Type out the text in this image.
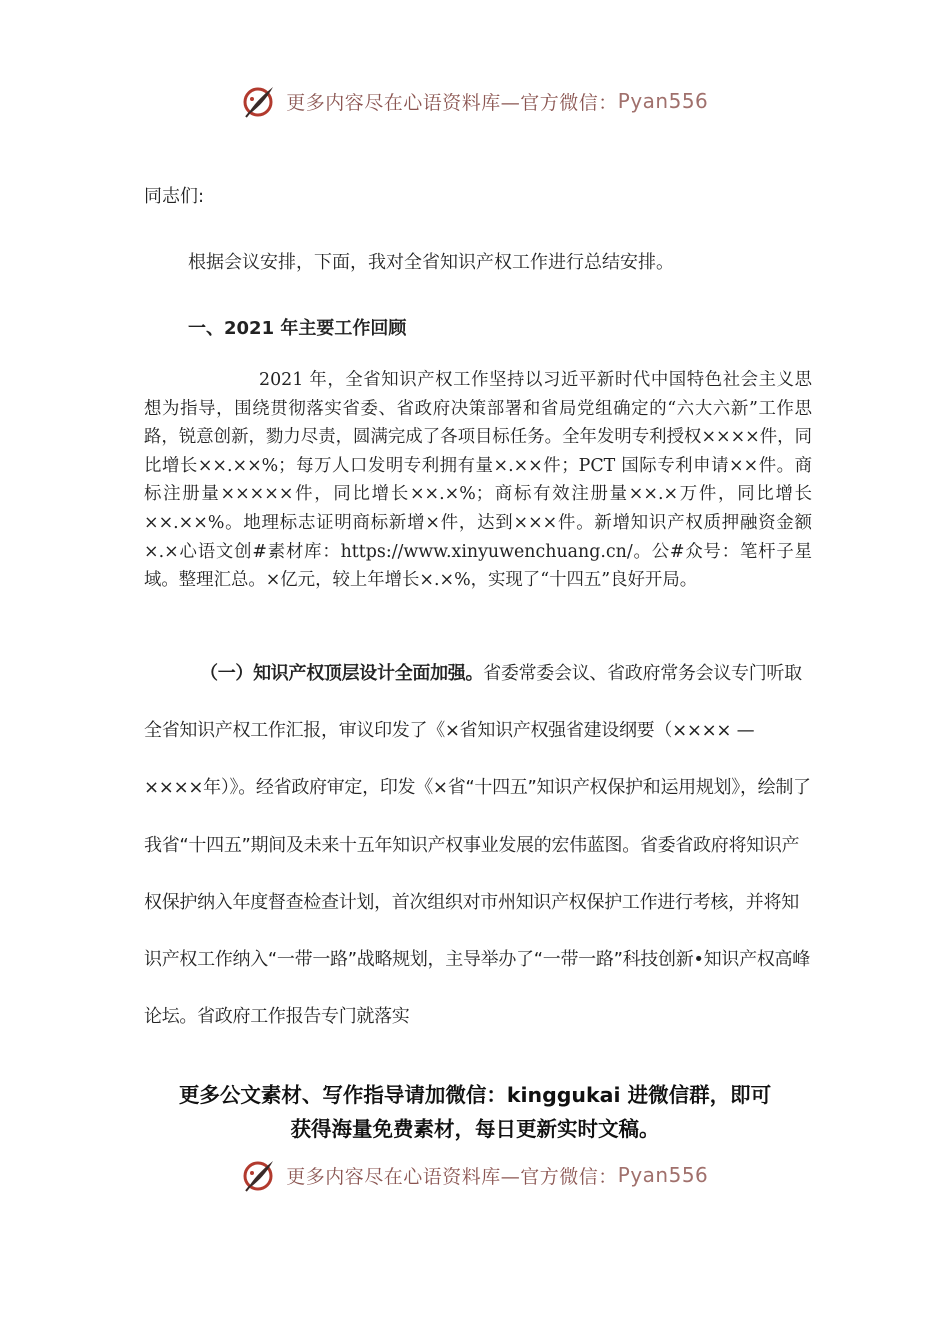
更多内容尽在心语资料库—官方微信：Pyan556
同志们:
根据会议安排，下面，我对全省知识产权工作进行总结安排。
一、2021 年主要工作回顾
2021 年，全省知识产权工作坚持以习近平新时代中国特色社会主义思想为指导，围绕贯彻落实省委、省政府决策部署和省局党组确定的“六大六新”工作思路，锐意创新，勠力尽责，圆满完成了各项目标任务。全年发明专利授权××××件，同比增长××.××%；每万人口发明专利拥有量×.××件；PCT 国际专利申请××件。商标注册量×××××件，同比增长××.×%；商标有效注册量××.×万件，同比增长××.××%。地理标志证明商标新增×件，达到×××件。新增知识产权质押融资金额×.×心语文创#素材库：https://www.xinyuwenchuang.cn/。公#众号：笔杆子星域。整理汇总。×亿元，较上年增长×.×%，实现了“十四五”良好开局。
（一）知识产权顶层设计全面加强。省委常委会议、省政府常务会议专门听取全省知识产权工作汇报，审议印发了《×省知识产权强省建设纲要（×××× —××××年）》。经省政府审定，印发《×省“十四五”知识产权保护和运用规划》，绘制了我省“十四五”期间及未来十五年知识产权事业发展的宏伟蓝图。省委省政府将知识产权保护纳入年度督查检查计划，首次组织对市州知识产权保护工作进行考核，并将知识产权工作纳入“一带一路”战略规划，主导举办了“一带一路”科技创新•知识产权高峰论坛。省政府工作报告专门就落实
更多公文素材、写作指导请加微信：kinggukai 进微信群，即可
获得海量免费素材，每日更新实时文稿。
更多内容尽在心语资料库—官方微信：Pyan556
